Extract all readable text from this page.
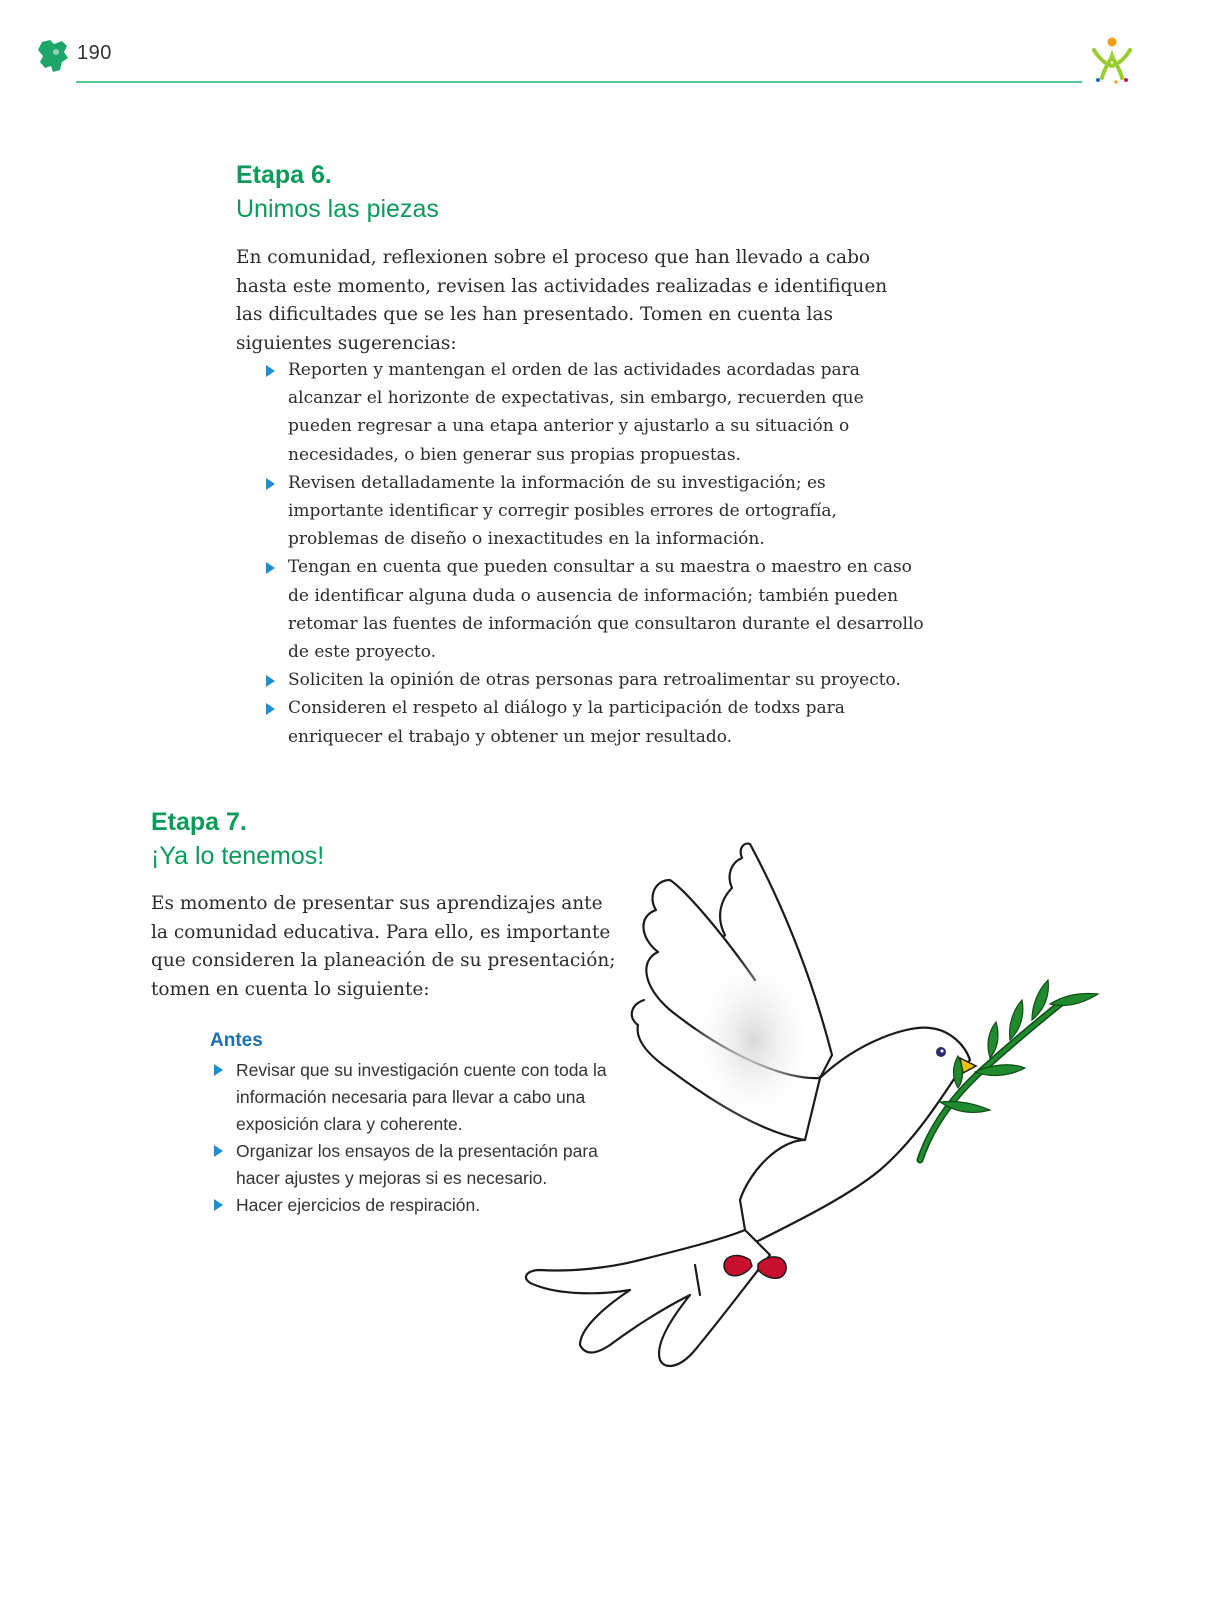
190
Etapa 6.
Unimos las piezas

En comunidad, reflexionen sobre el proceso que han llevado a cabo hasta este momento, revisen las actividades realizadas e identifiquen las dificultades que se les han presentado. Tomen en cuenta las siguientes sugerencias:

Reporten y mantengan el orden de las actividades acordadas para alcanzar el horizonte de expectativas, sin embargo, recuerden que pueden regresar a una etapa anterior y ajustarlo a su situación o necesidades, o bien generar sus propias propuestas.
Revisen detalladamente la información de su investigación; es importante identificar y corregir posibles errores de ortografía, problemas de diseño o inexactitudes en la información.
Tengan en cuenta que pueden consultar a su maestra o maestro en caso de identificar alguna duda o ausencia de información; también pueden retomar las fuentes de información que consultaron durante el desarrollo de este proyecto.
Soliciten la opinión de otras personas para retroalimentar su proyecto.
Consideren el respeto al diálogo y la participación de todxs para enriquecer el trabajo y obtener un mejor resultado.
Etapa 7.
¡Ya lo tenemos!

Es momento de presentar sus aprendizajes ante la comunidad educativa. Para ello, es importante que consideren la planeación de su presentación; tomen en cuenta lo siguiente:

Antes
Revisar que su investigación cuente con toda la información necesaria para llevar a cabo una exposición clara y coherente.
Organizar los ensayos de la presentación para hacer ajustes y mejoras si es necesario.
Hacer ejercicios de respiración.
